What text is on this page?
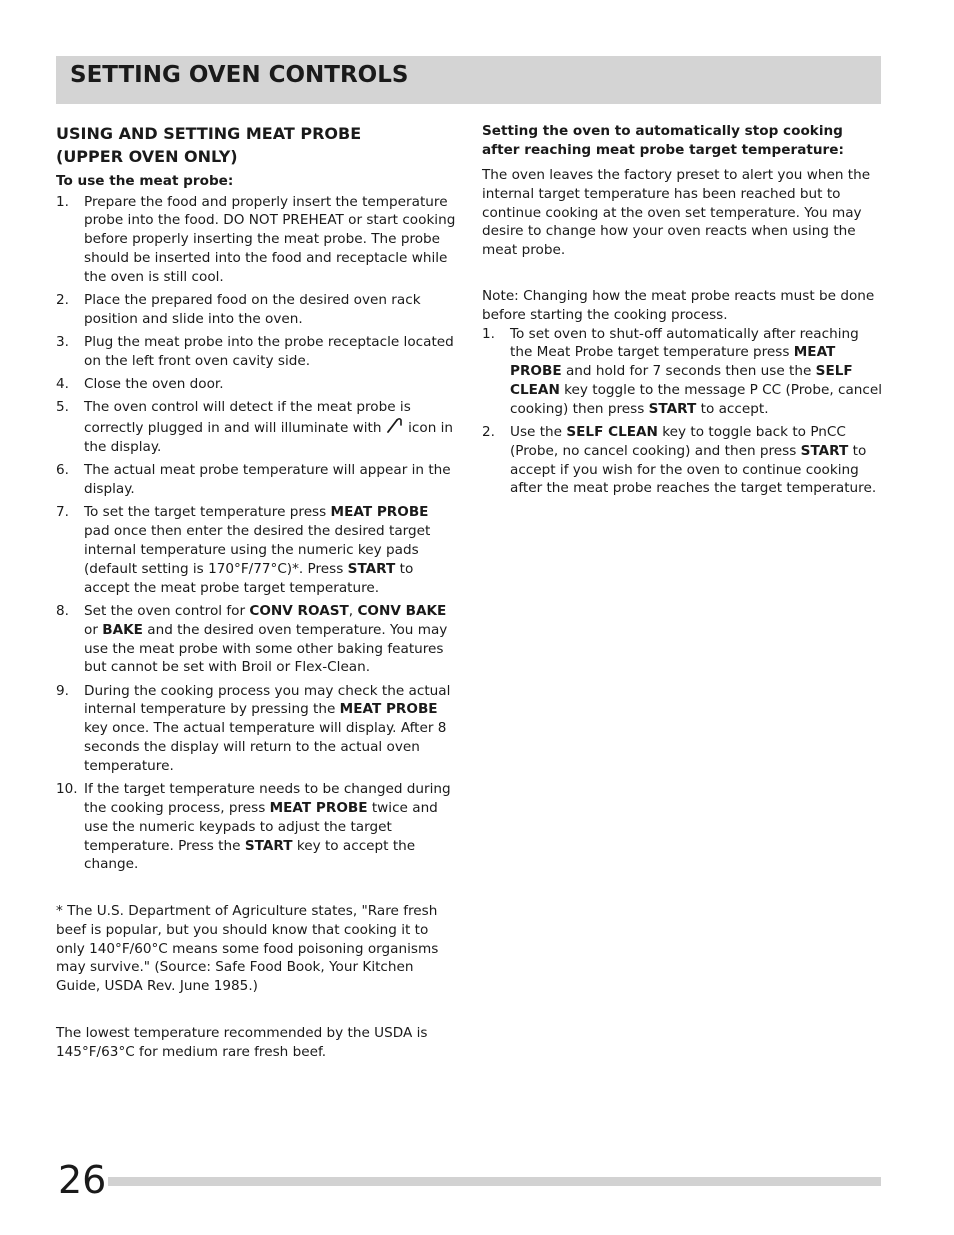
SETTING OVEN CONTROLS
USING AND SETTING MEAT PROBE
(UPPER OVEN ONLY)
To use the meat probe:
1. Prepare the food and properly insert the temperature probe into the food. DO NOT PREHEAT or start cooking before properly inserting the meat probe. The probe should be inserted into the food and receptacle while the oven is still cool.
2. Place the prepared food on the desired oven rack position and slide into the oven.
3. Plug the meat probe into the probe receptacle located on the left front oven cavity side.
4. Close the oven door.
5. The oven control will detect if the meat probe is correctly plugged in and will illuminate with  icon in the display.
6. The actual meat probe temperature will appear in the display.
7. To set the target temperature press MEAT PROBE pad once then enter the desired the desired target internal temperature using the numeric key pads (default setting is 170°F/77°C)*. Press START to accept the meat probe target temperature.
8. Set the oven control for CONV ROAST, CONV BAKE or BAKE and the desired oven temperature. You may use the meat probe with some other baking features but cannot be set with Broil or Flex-Clean.
9. During the cooking process you may check the actual internal temperature by pressing the MEAT PROBE key once. The actual temperature will display. After 8 seconds the display will return to the actual oven temperature.
10. If the target temperature needs to be changed during the cooking process, press MEAT PROBE twice and use the numeric keypads to adjust the target temperature. Press the START key to accept the change.

* The U.S. Department of Agriculture states, "Rare fresh beef is popular, but you should know that cooking it to only 140°F/60°C means some food poisoning organisms may survive." (Source: Safe Food Book, Your Kitchen Guide, USDA Rev. June 1985.)

The lowest temperature recommended by the USDA is 145°F/63°C for medium rare fresh beef.

Setting the oven to automatically stop cooking after reaching meat probe target temperature:

The oven leaves the factory preset to alert you when the internal target temperature has been reached but to continue cooking at the oven set temperature. You may desire to change how your oven reacts when using the meat probe.

Note: Changing how the meat probe reacts must be done before starting the cooking process.

1. To set oven to shut-off automatically after reaching the Meat Probe target temperature press MEAT PROBE and hold for 7 seconds then use the SELF CLEAN key toggle to the message P CC (Probe, cancel cooking) then press START to accept.
2. Use the SELF CLEAN key to toggle back to PnCC (Probe, no cancel cooking) and then press START to accept if you wish for the oven to continue cooking after the meat probe reaches the target temperature.
26
